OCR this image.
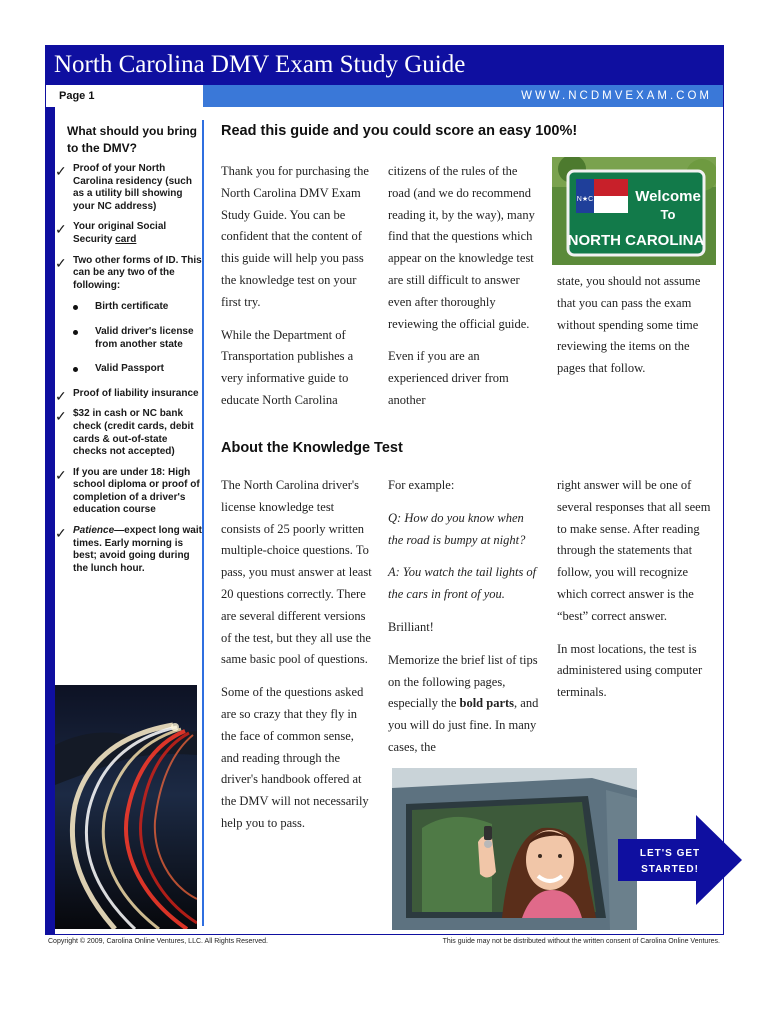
North Carolina DMV Exam Study Guide
Page 1	WWW.NCDMVEXAM.COM
What should you bring to the DMV?
✓ Proof of your North Carolina residency (such as a utility bill showing your NC address)
✓ Your original Social Security card
✓ Two other forms of ID. This can be any two of the following:
Birth certificate
Valid driver's license from another state
Valid Passport
✓ Proof of liability insurance
✓ $32 in cash or NC bank check (credit cards, debit cards & out-of-state checks not accepted)
✓ If you are under 18: High school diploma or proof of completion of a driver's education course
✓ Patience—expect long wait times. Early morning is best; avoid going during the lunch hour.
Read this guide and you could score an easy 100%!

Thank you for purchasing the North Carolina DMV Exam Study Guide. You can be confident that the content of this guide will help you pass the knowledge test on your first try.

While the Department of Transportation publishes a very informative guide to educate North Carolina

citizens of the rules of the road (and we do recommend reading it, by the way), many find that the questions which appear on the knowledge test are still difficult to answer even after thoroughly reviewing the official guide.

Even if you are an experienced driver from another

N★C	Welcome
To
NORTH CAROLINA

state, you should not assume that you can pass the exam without spending some time reviewing the items on the pages that follow.

About the Knowledge Test

The North Carolina driver's license knowledge test consists of 25 poorly written multiple-choice questions. To pass, you must answer at least 20 questions correctly. There are several different versions of the test, but they all use the same basic pool of questions.

Some of the questions asked are so crazy that they fly in the face of common sense, and reading through the driver's handbook offered at the DMV will not necessarily help you to pass.

For example:

Q: How do you know when the road is bumpy at night?

A: You watch the tail lights of the cars in front of you.

Brilliant!

Memorize the brief list of tips on the following pages, especially the bold parts, and you will do just fine. In many cases, the

right answer will be one of several responses that all seem to make sense. After reading through the statements that follow, you will recognize which correct answer is the “best” correct answer.

In most locations, the test is administered using computer terminals.

LET'S GET
STARTED!
Copyright © 2009, Carolina Online Ventures, LLC. All Rights Reserved.	This guide may not be distributed without the written consent of Carolina Online Ventures.
